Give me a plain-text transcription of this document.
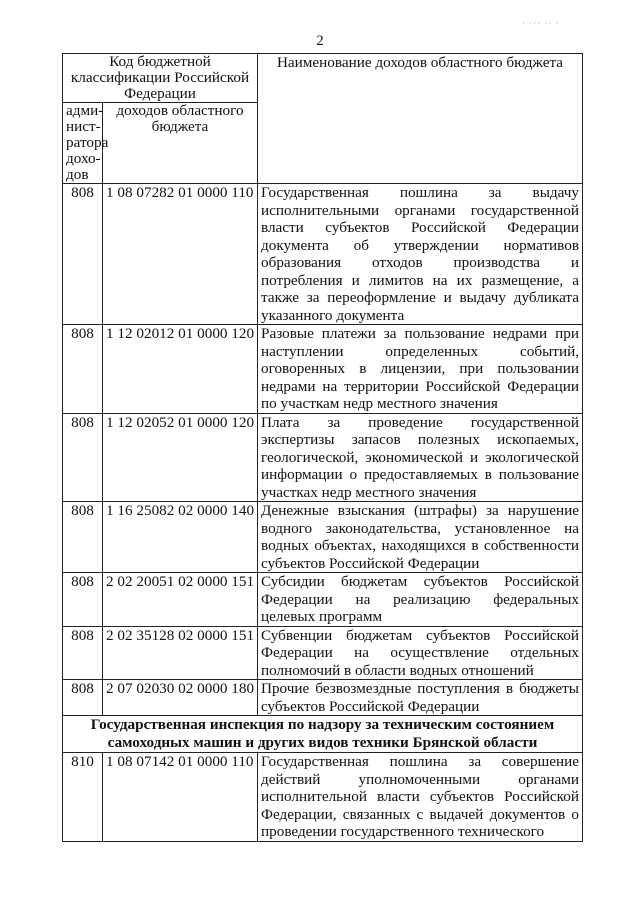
· ··· ·· ·
2
Код бюджетной классификации Российской Федерации		Наименование доходов областного бюджета
адми- нист- ратора дохо- дов	доходов областного бюджета	
808	1 08 07282 01 0000 110	Государственная пошлина за выдачу исполнительными органами государственной власти субъектов Российской Федерации документа об утверждении нормативов образования отходов производства и потребления и лимитов на их размещение, а также за переоформление и выдачу дубликата указанного документа
808	1 12 02012 01 0000 120	Разовые платежи за пользование недрами при наступлении определенных событий, оговоренных в лицензии, при пользовании недрами на территории Российской Федерации по участкам недр местного значения
808	1 12 02052 01 0000 120	Плата за проведение государственной экспертизы запасов полезных ископаемых, геологической, экономической и экологической информации о предоставляемых в пользование участках недр местного значения
808	1 16 25082 02 0000 140	Денежные взыскания (штрафы) за нарушение водного законодательства, установленное на водных объектах, находящихся в собственности субъектов Российской Федерации
808	2 02 20051 02 0000 151	Субсидии бюджетам субъектов Российской Федерации на реализацию федеральных целевых программ
808	2 02 35128 02 0000 151	Субвенции бюджетам субъектов Российской Федерации на осуществление отдельных полномочий в области водных отношений
808	2 07 02030 02 0000 180	Прочие безвозмездные поступления в бюджеты субъектов Российской Федерации
Государственная инспекция по надзору за техническим состоянием самоходных машин и других видов техники Брянской области		
810	1 08 07142 01 0000 110	Государственная пошлина за совершение действий уполномоченными органами исполнительной власти субъектов Российской Федерации, связанных с выдачей документов о проведении государственного технического
